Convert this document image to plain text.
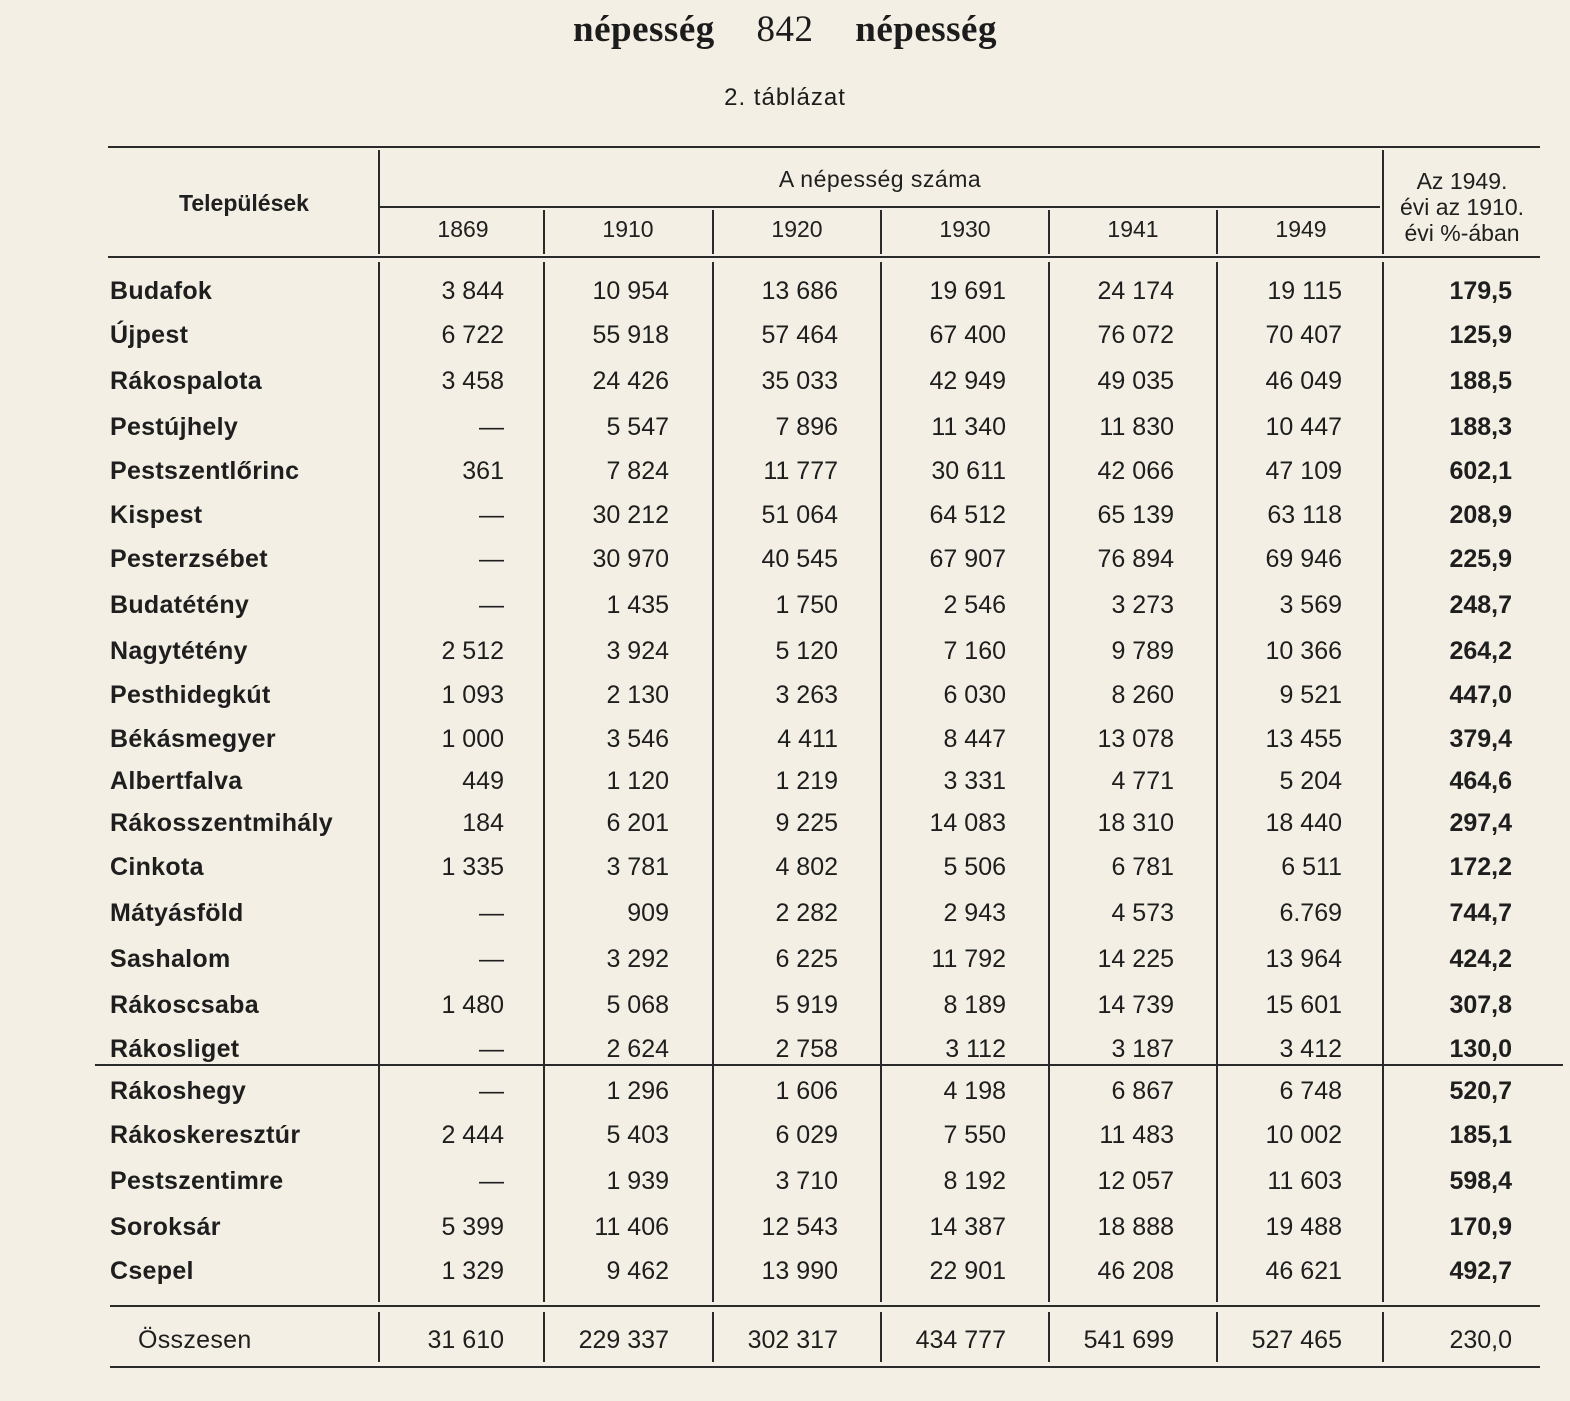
népesség 842 népesség
2. táblázat
Települések
A népesség száma	Az 1949.
évi az 1910.
évi %-ában
1869	1910	1920	1930	1941	1949
Budafok	3 844	10 954	13 686	19 691	24 174	19 115	179,5
Újpest	6 722	55 918	57 464	67 400	76 072	70 407	125,9
Rákospalota	3 458	24 426	35 033	42 949	49 035	46 049	188,5
Pestújhely	—	5 547	7 896	11 340	11 830	10 447	188,3
Pestszentlőrinc	361	7 824	11 777	30 611	42 066	47 109	602,1
Kispest	—	30 212	51 064	64 512	65 139	63 118	208,9
Pesterzsébet	—	30 970	40 545	67 907	76 894	69 946	225,9
Budatétény	—	1 435	1 750	2 546	3 273	3 569	248,7
Nagytétény	2 512	3 924	5 120	7 160	9 789	10 366	264,2
Pesthidegkút	1 093	2 130	3 263	6 030	8 260	9 521	447,0
Békásmegyer	1 000	3 546	4 411	8 447	13 078	13 455	379,4
Albertfalva	449	1 120	1 219	3 331	4 771	5 204	464,6
Rákosszentmihály	184	6 201	9 225	14 083	18 310	18 440	297,4
Cinkota	1 335	3 781	4 802	5 506	6 781	6 511	172,2
Mátyásföld	—	909	2 282	2 943	4 573	6.769	744,7
Sashalom	—	3 292	6 225	11 792	14 225	13 964	424,2
Rákoscsaba	1 480	5 068	5 919	8 189	14 739	15 601	307,8
Rákosliget	—	2 624	2 758	3 112	3 187	3 412	130,0
Rákoshegy	—	1 296	1 606	4 198	6 867	6 748	520,7
Rákoskeresztúr	2 444	5 403	6 029	7 550	11 483	10 002	185,1
Pestszentimre	—	1 939	3 710	8 192	12 057	11 603	598,4
Soroksár	5 399	11 406	12 543	14 387	18 888	19 488	170,9
Csepel	1 329	9 462	13 990	22 901	46 208	46 621	492,7
Összesen	31 610	229 337	302 317	434 777	541 699	527 465	230,0
